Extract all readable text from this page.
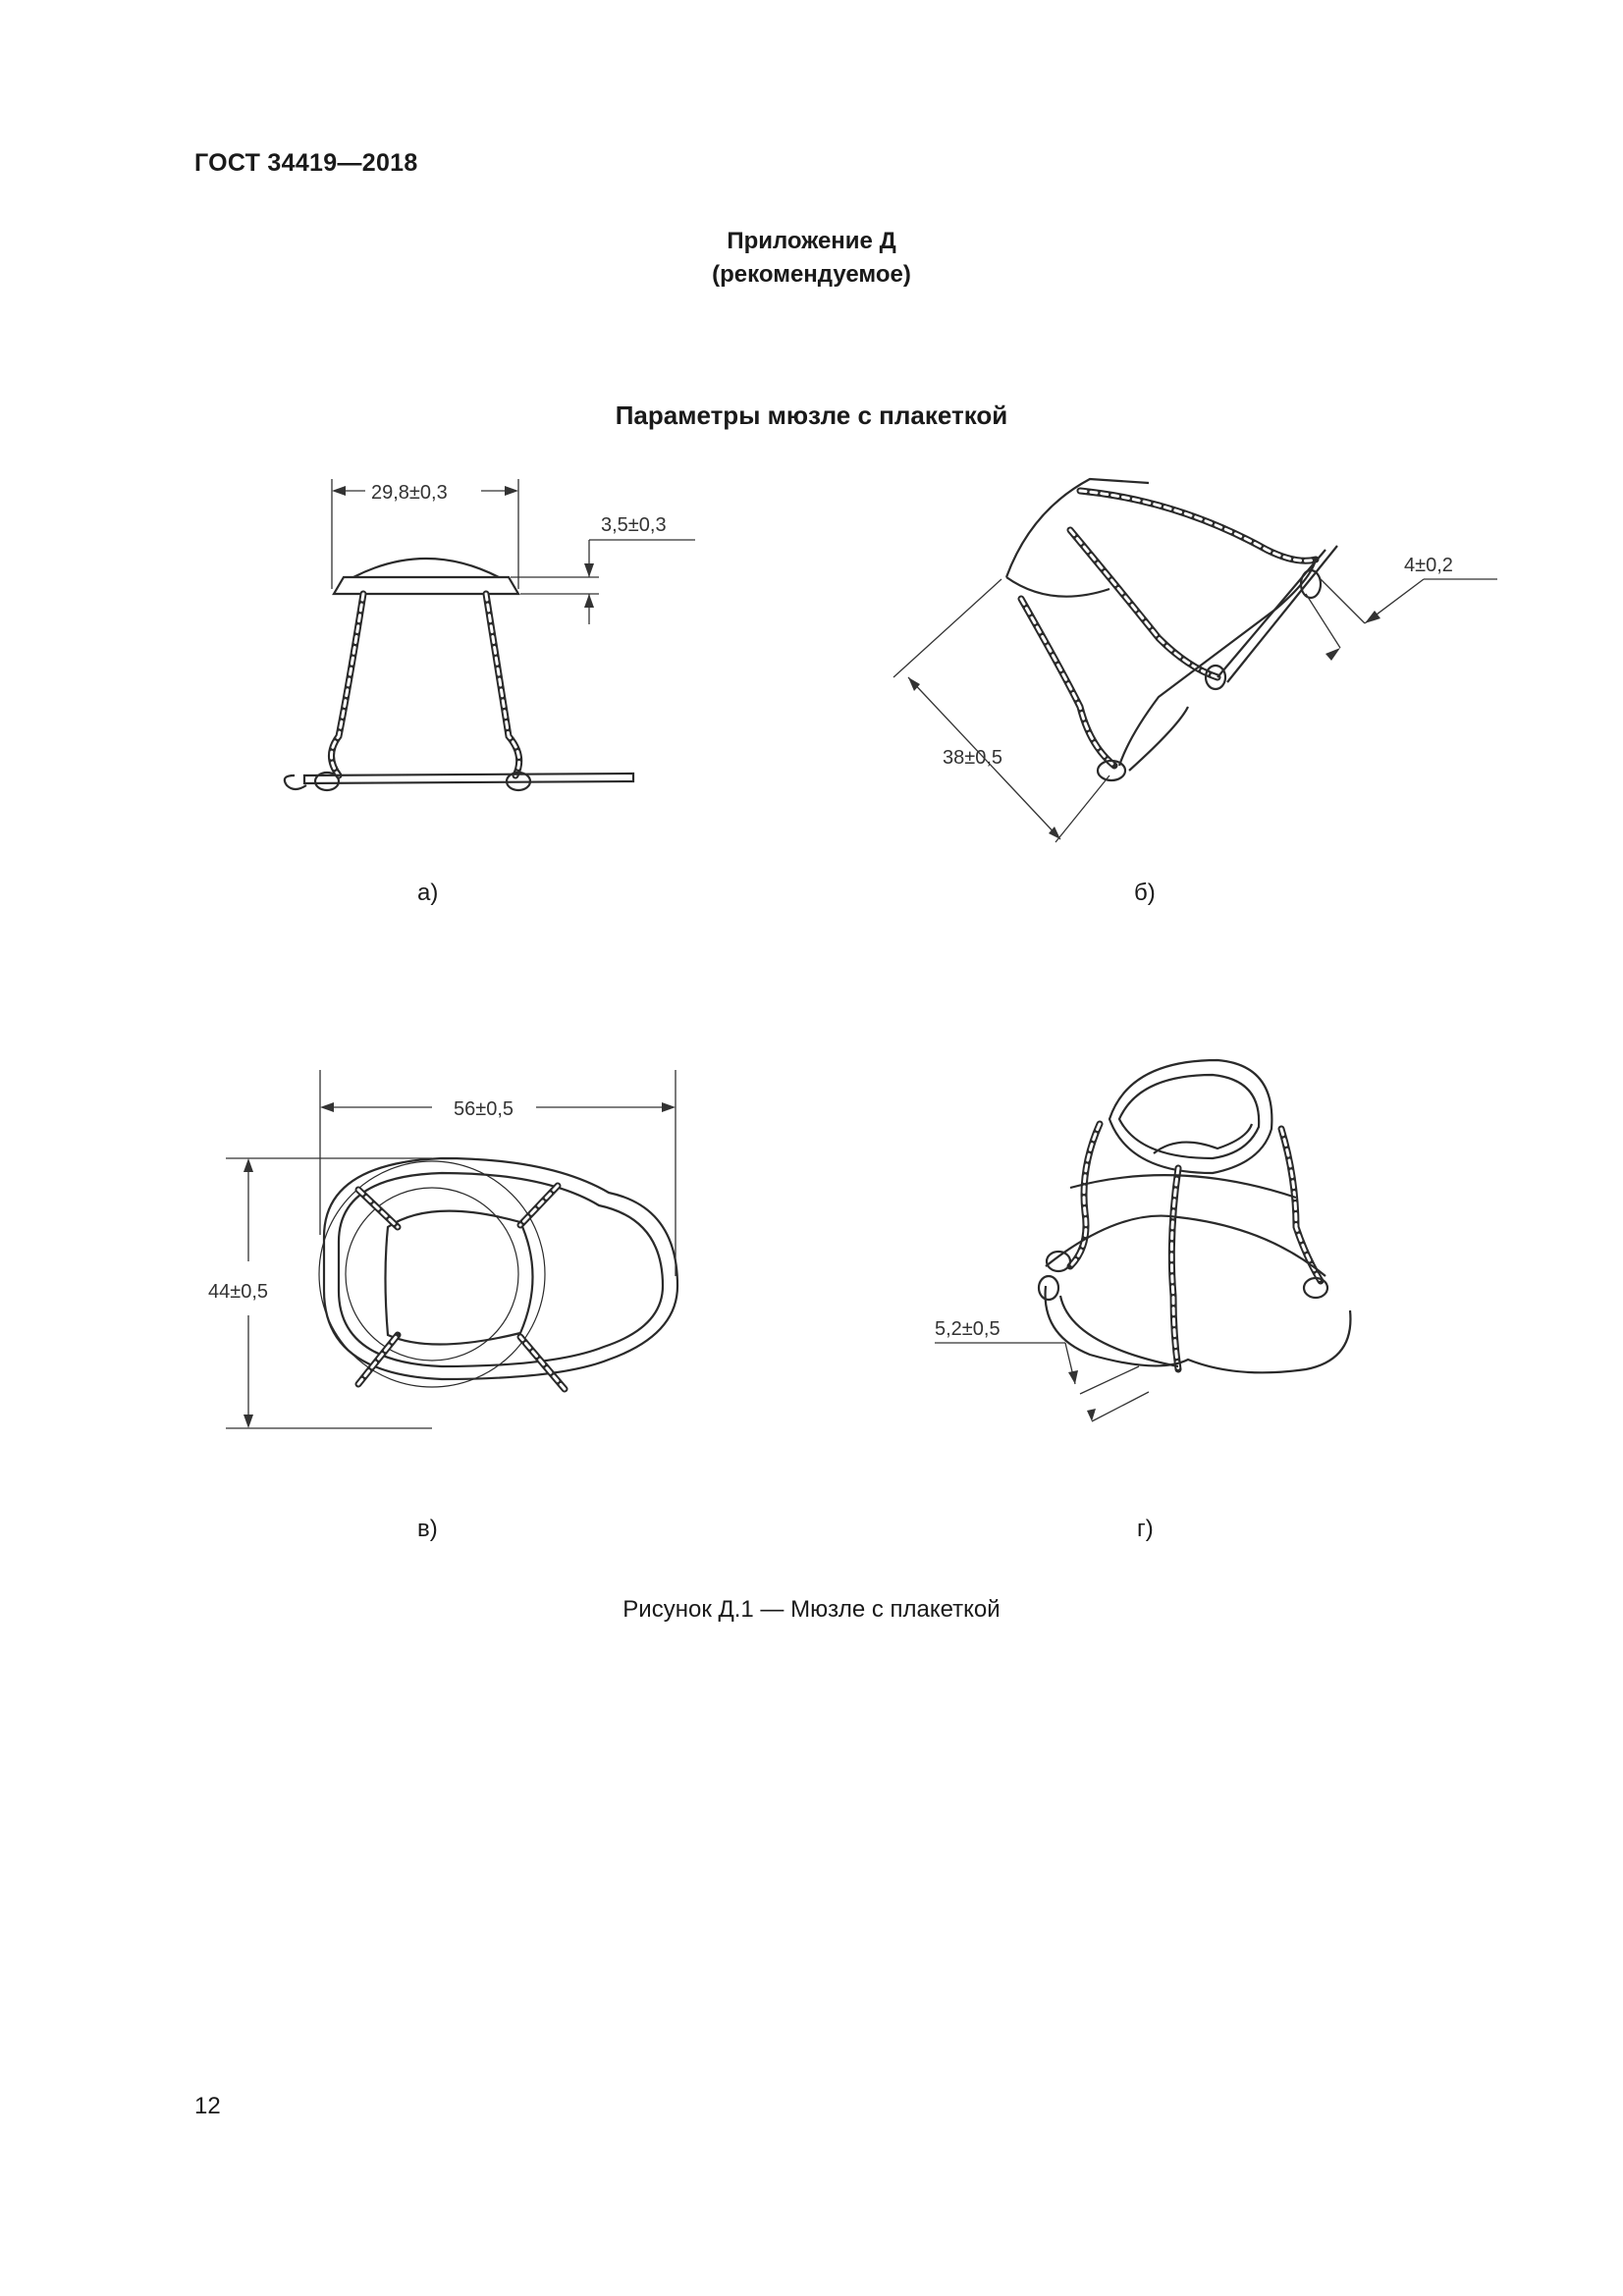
ГОСТ 34419—2018
Приложение Д
(рекомендуемое)
Параметры мюзле с плакеткой
29,8±0,3
3,5±0,3
4±0,2
38±0,5
56±0,5
44±0,5
5,2±0,5
а)	б)
в)	г)
Рисунок Д.1 — Мюзле с плакеткой
12
